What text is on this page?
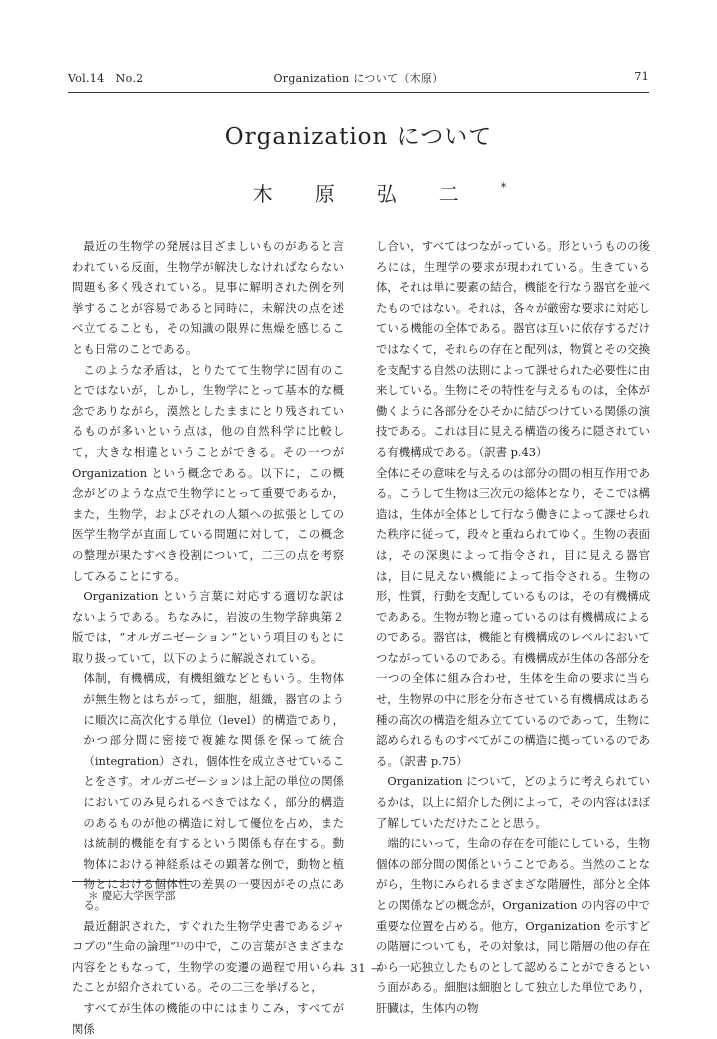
Vol.14　No.2	Organization について（木原）	71
Organization について
木原弘二*

最近の生物学の発展は目ざましいものがあると言われている反面，生物学が解決しなければならない問題も多く残されている。見事に解明された例を列挙することが容易であると同時に，未解決の点を述べ立てることも，その知識の限界に焦燥を感じることも日常のことである。

このような矛盾は，とりたてて生物学に固有のことではないが，しかし，生物学にとって基本的な概念でありながら，漠然としたままにとり残されているものが多いという点は，他の自然科学に比較して，大きな相違ということができる。その一つが Organization という概念である。以下に，この概念がどのような点で生物学にとって重要であるか，また，生物学，およびそれの人類への拡張としての医学生物学が直面している問題に対して，この概念の整理が果たすべき役割について，二三の点を考察してみることにする。

Organization という言葉に対応する適切な訳はないようである。ちなみに，岩波の生物学辞典第２版では，“オルガニゼーション”という項目のもとに取り扱っていて，以下のように解説されている。

体制，有機構成，有機組織などともいう。生物体が無生物とはちがって，細胞，組織，器官のように順次に高次化する単位（level）的構造であり，かつ部分間に密接で複雑な関係を保って統合（integration）され，個体性を成立させていることをさす。オルガニゼーションは上記の単位の関係においてのみ見られるべきではなく，部分的構造のあるものが他の構造に対して優位を占め，または統制的機能を有するという関係も存在する。動物体における神経系はその顕著な例で，動物と植物とにおける個体性の差異の一要因がその点にある。

最近翻訳された，すぐれた生物学史書であるジャコブの“生命の論理”¹⁾の中で，この言葉がさまざまな内容をともなって，生物学の変遷の過程で用いられたことが紹介されている。その二三を挙げると，

すべてが生体の機能の中にはまりこみ，すべてが関係

し合い，すべてはつながっている。形というものの後ろには，生理学の要求が現われている。生きている体，それは単に要素の結合，機能を行なう器官を並べたものではない。それは，各々が厳密な要求に対応している機能の全体である。器官は互いに依存するだけではなくて，それらの存在と配列は，物質とその交換を支配する自然の法則によって課せられた必要性に由来している。生物にその特性を与えるものは，全体が働くように各部分をひそかに結びつけている関係の演技である。これは目に見える構造の後ろに隠されている有機構成である。（訳書 p.43）

全体にその意味を与えるのは部分の間の相互作用である。こうして生物は三次元の総体となり，そこでは構造は，生体が全体として行なう働きによって課せられた秩序に従って，段々と重ねられてゆく。生物の表面は，その深奥によって指令され，目に見える器官は，目に見えない機能によって指令される。生物の形，性質，行動を支配しているものは，その有機構成であある。生物が物と違っているのは有機構成によるのである。器官は，機能と有機構成のレベルにおいてつながっているのである。有機構成が生体の各部分を一つの全体に組み合わせ，生体を生命の要求に当らせ，生物界の中に形を分布させている有機構成はある種の高次の構造を組み立てているのであって，生物に認められるものすべてがこの構造に拠っているのである。（訳書 p.75）

Organization について，どのように考えられているかは，以上に紹介した例によって，その内容はほぼ了解していただけたことと思う。

端的にいって，生命の存在を可能にしている，生物個体の部分間の関係ということである。当然のことながら，生物にみられるまざまざな階層性，部分と全体との関係などの概念が，Organization の内容の中で重要な位置を占める。他方，Organization を示すどの階層についても，その対象は，同じ階層の他の存在から一応独立したものとして認めることができるという面がある。細胞は細胞として独立した単位であり，肝臓は，生体内の物

＊ 慶応大学医学部
— 31 —
